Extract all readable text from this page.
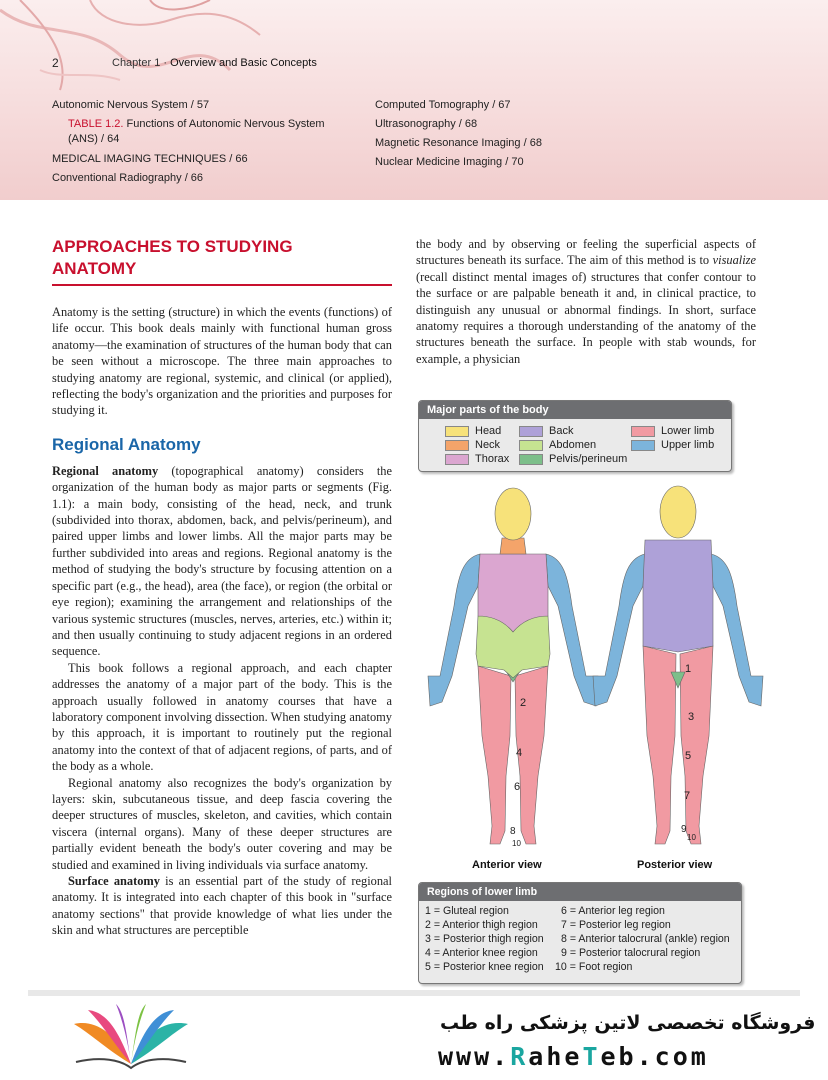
2	Chapter 1 · Overview and Basic Concepts
Autonomic Nervous System / 57
TABLE 1.2. Functions of Autonomic Nervous System (ANS) / 64
MEDICAL IMAGING TECHNIQUES / 66
Conventional Radiography / 66
Computed Tomography / 67
Ultrasonography / 68
Magnetic Resonance Imaging / 68
Nuclear Medicine Imaging / 70
APPROACHES TO STUDYING
ANATOMY

Anatomy is the setting (structure) in which the events (functions) of life occur. This book deals mainly with functional human gross anatomy—the examination of structures of the human body that can be seen without a microscope. The three main approaches to studying anatomy are regional, systemic, and clinical (or applied), reflecting the body's organization and the priorities and purposes for studying it.

Regional Anatomy

Regional anatomy (topographical anatomy) considers the organization of the human body as major parts or segments (Fig. 1.1): a main body, consisting of the head, neck, and trunk (subdivided into thorax, abdomen, back, and pelvis/perineum), and paired upper limbs and lower limbs. All the major parts may be further subdivided into areas and regions. Regional anatomy is the method of studying the body's structure by focusing attention on a specific part (e.g., the head), area (the face), or region (the orbital or eye region); examining the arrangement and relationships of the various systemic structures (muscles, nerves, arteries, etc.) within it; and then usually continuing to study adjacent regions in an ordered sequence.

This book follows a regional approach, and each chapter addresses the anatomy of a major part of the body. This is the approach usually followed in anatomy courses that have a laboratory component involving dissection. When studying anatomy by this approach, it is important to routinely put the regional anatomy into the context of that of adjacent regions, of parts, and of the body as a whole.

Regional anatomy also recognizes the body's organization by layers: skin, subcutaneous tissue, and deep fascia covering the deeper structures of muscles, skeleton, and cavities, which contain viscera (internal organs). Many of these deeper structures are partially evident beneath the body's outer covering and may be studied and examined in living individuals via surface anatomy.

Surface anatomy is an essential part of the study of regional anatomy. It is integrated into each chapter of this book in "surface anatomy sections" that provide knowledge of what lies under the skin and what structures are perceptible

the body and by observing or feeling the superficial aspects of structures beneath its surface. The aim of this method is to visualize (recall distinct mental images of) structures that confer contour to the surface or are palpable beneath it and, in clinical practice, to distinguish any unusual or abnormal findings. In short, surface anatomy requires a thorough understanding of the anatomy of the structures beneath the surface. In people with stab wounds, for example, a physician

Major parts of the body
Head
Neck
Thorax
Back
Abdomen
Pelvis/perineum
Lower limb
Upper limb
2
4
6
8
10
1
3
5
7
9
10
Anterior view	Posterior view
Regions of lower limb
1 = Gluteal region
2 = Anterior thigh region
3 = Posterior thigh region
4 = Anterior knee region
5 = Posterior knee region
6 = Anterior leg region
7 = Posterior leg region
8 = Anterior talocrural (ankle) region
9 = Posterior talocrural region
10 = Foot region
فروشگاه تخصصی لاتین پزشکی راه طب
www.RaheTeb.com
